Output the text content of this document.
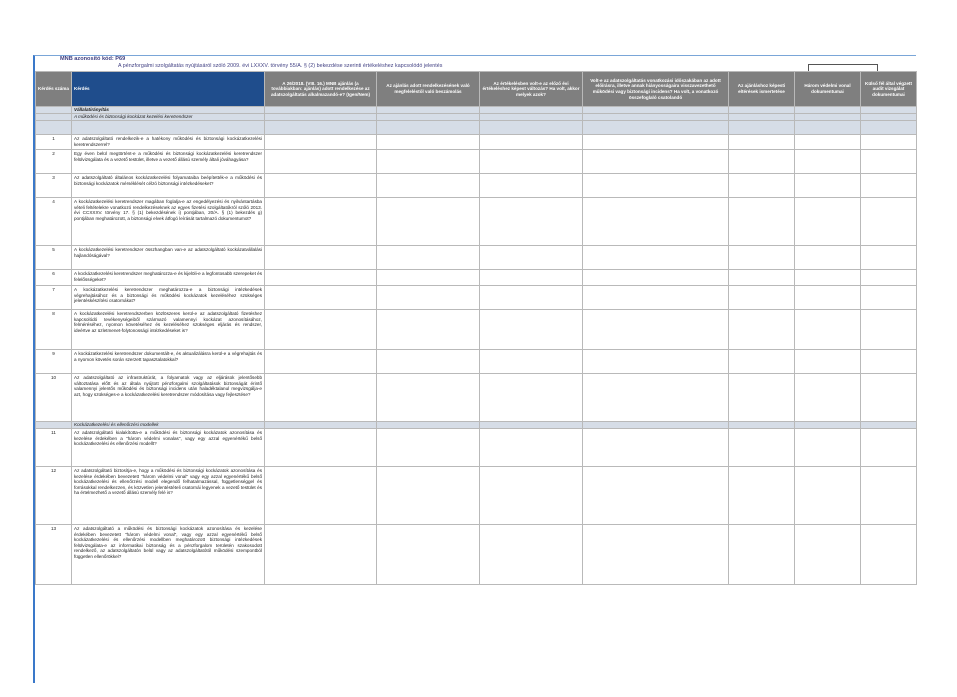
MNB azonosító kód: P69
A pénzforgalmi szolgáltatás nyújtásáról szóló 2009. évi LXXXV. törvény 55/A. § (2) bekezdése szerinti értékeléshez kapcsolódó jelentés
Kérdés száma	Kérdés	A 26/2018. (VIII. 16.) MNB ajánlás (a továbbiakban: ajánlás) adott rendelkezése az adatszolgáltatás alkalmazandó-e? (Igen/Nem)	Az ajánlás adott rendelkezésének való megfeleléstől való beszámolás	Az értékelésben volt-e az előző évi értékeléshez képest változás? Ha volt, akkor melyek azok?	Volt-e az adatszolgáltatás vonatkozási időszakában az adott előírásra, illetve annak hiányosságaira visszavezethető működési vagy biztonsági incidens? Ha volt, a vonatkozó összefoglaló csatolandó	Az ajánláshoz képesti eltérések ismertetése	Három védelmi vonal dokumentumai	Külső fél által végzett audit vizsgálat dokumentumai
	Vállalatirányítás							
	A működési és biztonsági kockázat kezelési keretrendszer							

1	Az adatszolgáltató rendelkezik-e a hatékony működési és biztonsági kockázatkezelési keretrendszerrel?							
2	Egy éven belül megtörtént-e a működési és biztonsági kockázatkezelési keretrendszer felülvizsgálata és a vezető testület, illetve a vezető állású személy általi jóváhagyása?							
3	Az adatszolgáltató általános kockázatkezelési folyamataiba beépítették-e a működési és biztonsági kockázatok mérséklését célzó biztonsági intézkedéseket?							
4	A kockázatkezelési keretrendszer magában foglalja-e az engedélyezési és nyilvántartásba vételi feltételekre vonatkozó rendelkezéseknek az egyes fizetési szolgáltatókról szóló 2013. évi CCXXXV. törvény 17. § (1) bekezdésének i) pontjában, 20/A. § (1) bekezdés g) pontjában meghatározott, a biztonsági elvek átfogó leírását tartalmazó dokumentumot?							
5	A kockázatkezelési keretrendszer összhangban van-e az adatszolgáltató kockázatvállalási hajlandóságával?							
6	A kockázatkezelési keretrendszer meghatározza-e és kijelöli-e a legfontosabb szerepeket és felelősségeket?							
7	A kockázatkezelési keretrendszer meghatározza-e a biztonsági intézkedések végrehajtásához és a biztonsági és működési kockázatok kezeléséhez szükséges jelentéskészítési csatornákat?							
8	A kockázatkezelési keretrendszerben közlöszeres kerül-e az adatszolgáltató fizetéshez kapcsolódó tevékenységeiből származó valamennyi kockázat azonosításához, felméréséhez, nyomon követéséhez és kezeléséhez szükséges eljárás és rendszer, ideértve az üzletmenet-folytonossági intézkedéseket is?							
9	A kockázatkezelési keretrendszer dokumentált-e, és aktualizálásra kerül-e a végrehajtás és a nyomon követés során szerzett tapasztalatokkal?							
10	Az adatszolgáltató az infrastruktúrát, a folyamatok vagy az eljárások jelentősebb változtatása előtt és az általa nyújtott pénzforgalmi szolgáltatások biztonságát érintő valamennyi jelentős működési és biztonsági incidens után haladéktalanul megvizsgálja-e azt, hogy szükséges-e a kockázatkezelési keretrendszer módosítása vagy fejlesztése?							
	Kockázatkezelési és ellenőrzési modellek							
11	Az adatszolgáltató kialakította-e a működési és biztonsági kockázatok azonosítása és kezelése érdekében a "három védelmi vonalas", vagy egy azzal egyenértékű belső kockázatkezelési és ellenőrzési modellt?							
12	Az adatszolgáltató biztosítja-e, hogy a működési és biztonsági kockázatok azonosítása és kezelése érdekében bevezetett "három védelmi vonal" vagy egy azzal egyenértékű belső kockázatkezelési és ellenőrzési modell elegendő felhatalmazással, függetlenséggel és forrásokkal rendelkezzen, és közvetlen jelentéstételi csatornái legyenek a vezető testület és ha értelmezhető a vezető állású személy felé is?							
13	Az adatszolgáltató a működési és biztonsági kockázatok azonosítása és kezelése érdekében bevezetett "három védelmi vonal", vagy egy azzal egyenértékű belső kockázatkezelési és ellenőrzési modellben meghatározott biztonsági intézkedések felülvizsgálata-e az informatikai biztonság és a pénzforgalom területén szakosodott rendelkező, az adatszolgáltatón belül vagy az adatszolgáltatótól működési szempontból független ellenőrökkel?							
